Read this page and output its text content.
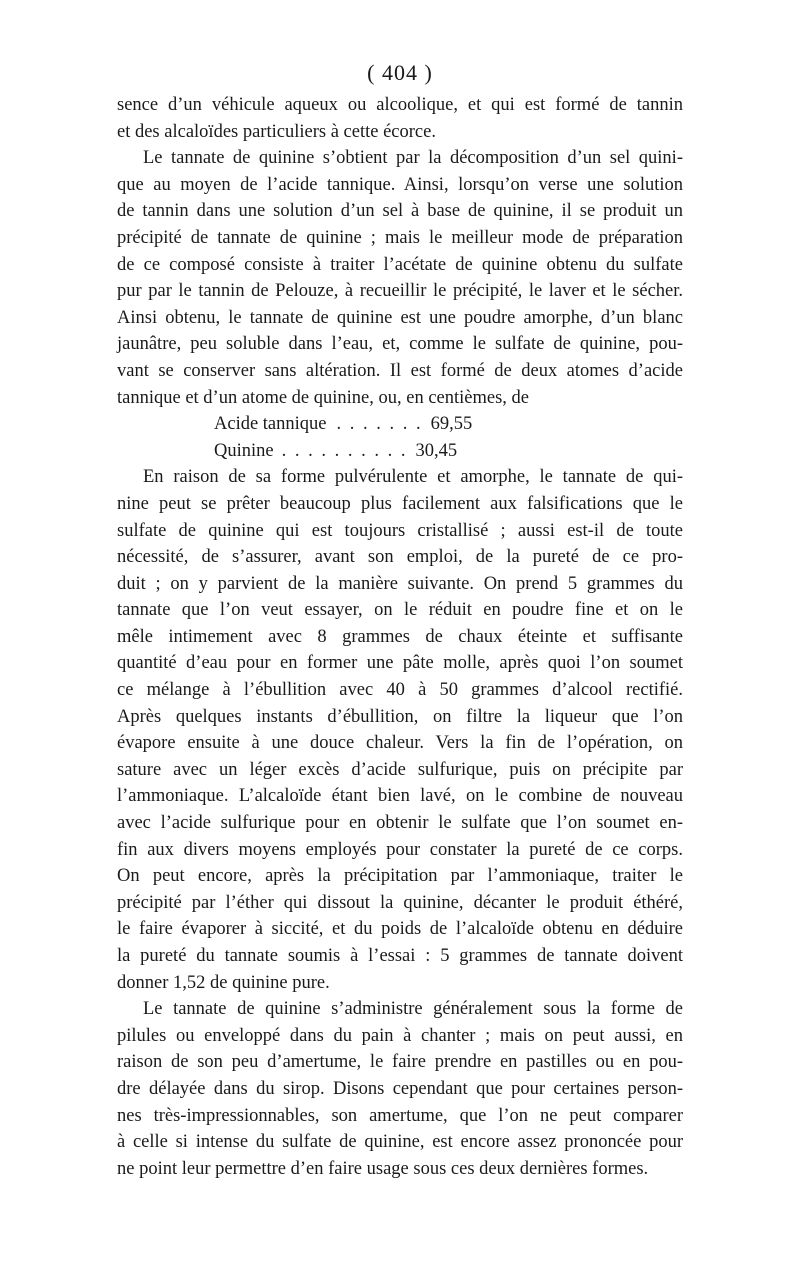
( 404 )
sence d’un véhicule aqueux ou alcoolique, et qui est formé de tannin
et des alcaloïdes particuliers à cette écorce.
Le tannate de quinine s’obtient par la décomposition d’un sel quini-
que au moyen de l’acide tannique. Ainsi, lorsqu’on verse une solution
de tannin dans une solution d’un sel à base de quinine, il se produit un
précipité de tannate de quinine ; mais le meilleur mode de préparation
de ce composé consiste à traiter l’acétate de quinine obtenu du sulfate
pur par le tannin de Pelouze, à recueillir le précipité, le laver et le sécher.
Ainsi obtenu, le tannate de quinine est une poudre amorphe, d’un blanc
jaunâtre, peu soluble dans l’eau, et, comme le sulfate de quinine, pou-
vant se conserver sans altération. Il est formé de deux atomes d’acide
tannique et d’un atome de quinine, ou, en centièmes, de
Acide tannique . . . . . . . 69,55
Quinine . . . . . . . . . . 30,45
En raison de sa forme pulvérulente et amorphe, le tannate de qui-
nine peut se prêter beaucoup plus facilement aux falsifications que le
sulfate de quinine qui est toujours cristallisé ; aussi est-il de toute
nécessité, de s’assurer, avant son emploi, de la pureté de ce pro-
duit ; on y parvient de la manière suivante. On prend 5 grammes du
tannate que l’on veut essayer, on le réduit en poudre fine et on le
mêle intimement avec 8 grammes de chaux éteinte et suffisante
quantité d’eau pour en former une pâte molle, après quoi l’on soumet
ce mélange à l’ébullition avec 40 à 50 grammes d’alcool rectifié.
Après quelques instants d’ébullition, on filtre la liqueur que l’on
évapore ensuite à une douce chaleur. Vers la fin de l’opération, on
sature avec un léger excès d’acide sulfurique, puis on précipite par
l’ammoniaque. L’alcaloïde étant bien lavé, on le combine de nouveau
avec l’acide sulfurique pour en obtenir le sulfate que l’on soumet en-
fin aux divers moyens employés pour constater la pureté de ce corps.
On peut encore, après la précipitation par l’ammoniaque, traiter le
précipité par l’éther qui dissout la quinine, décanter le produit éthéré,
le faire évaporer à siccité, et du poids de l’alcaloïde obtenu en déduire
la pureté du tannate soumis à l’essai : 5 grammes de tannate doivent
donner 1,52 de quinine pure.
Le tannate de quinine s’administre généralement sous la forme de
pilules ou enveloppé dans du pain à chanter ; mais on peut aussi, en
raison de son peu d’amertume, le faire prendre en pastilles ou en pou-
dre délayée dans du sirop. Disons cependant que pour certaines person-
nes très-impressionnables, son amertume, que l’on ne peut comparer
à celle si intense du sulfate de quinine, est encore assez prononcée pour
ne point leur permettre d’en faire usage sous ces deux dernières formes.
